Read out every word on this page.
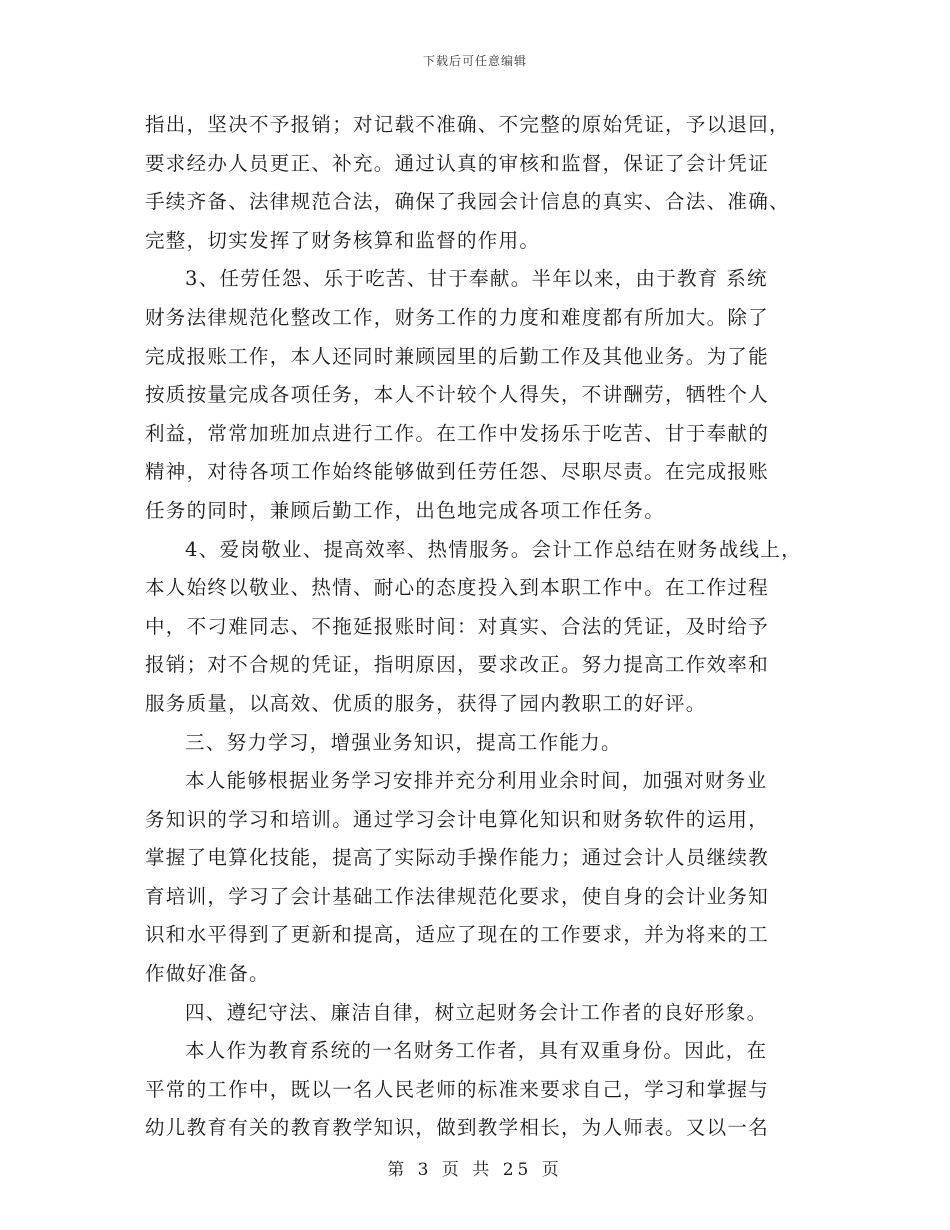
下载后可任意编辑
指出，坚决不予报销；对记载不准确、不完整的原始凭证，予以退回，
要求经办人员更正、补充。通过认真的审核和监督，保证了会计凭证
手续齐备、法律规范合法，确保了我园会计信息的真实、合法、准确、
完整，切实发挥了财务核算和监督的作用。
3、任劳任怨、乐于吃苦、甘于奉献。半年以来，由于教育 系统
财务法律规范化整改工作，财务工作的力度和难度都有所加大。除了
完成报账工作，本人还同时兼顾园里的后勤工作及其他业务。为了能
按质按量完成各项任务，本人不计较个人得失，不讲酬劳，牺牲个人
利益，常常加班加点进行工作。在工作中发扬乐于吃苦、甘于奉献的
精神，对待各项工作始终能够做到任劳任怨、尽职尽责。在完成报账
任务的同时，兼顾后勤工作，出色地完成各项工作任务。
4、爱岗敬业、提高效率、热情服务。会计工作总结在财务战线上，
本人始终以敬业、热情、耐心的态度投入到本职工作中。在工作过程
中，不刁难同志、不拖延报账时间：对真实、合法的凭证，及时给予
报销；对不合规的凭证，指明原因，要求改正。努力提高工作效率和
服务质量，以高效、优质的服务，获得了园内教职工的好评。
三、努力学习，增强业务知识，提高工作能力。
本人能够根据业务学习安排并充分利用业余时间，加强对财务业
务知识的学习和培训。通过学习会计电算化知识和财务软件的运用，
掌握了电算化技能，提高了实际动手操作能力；通过会计人员继续教
育培训，学习了会计基础工作法律规范化要求，使自身的会计业务知
识和水平得到了更新和提高，适应了现在的工作要求，并为将来的工
作做好准备。
四、遵纪守法、廉洁自律，树立起财务会计工作者的良好形象。
本人作为教育系统的一名财务工作者，具有双重身份。因此，在
平常的工作中，既以一名人民老师的标准来要求自己，学习和掌握与
幼儿教育有关的教育教学知识，做到教学相长，为人师表。又以一名
第 3 页 共 25 页
